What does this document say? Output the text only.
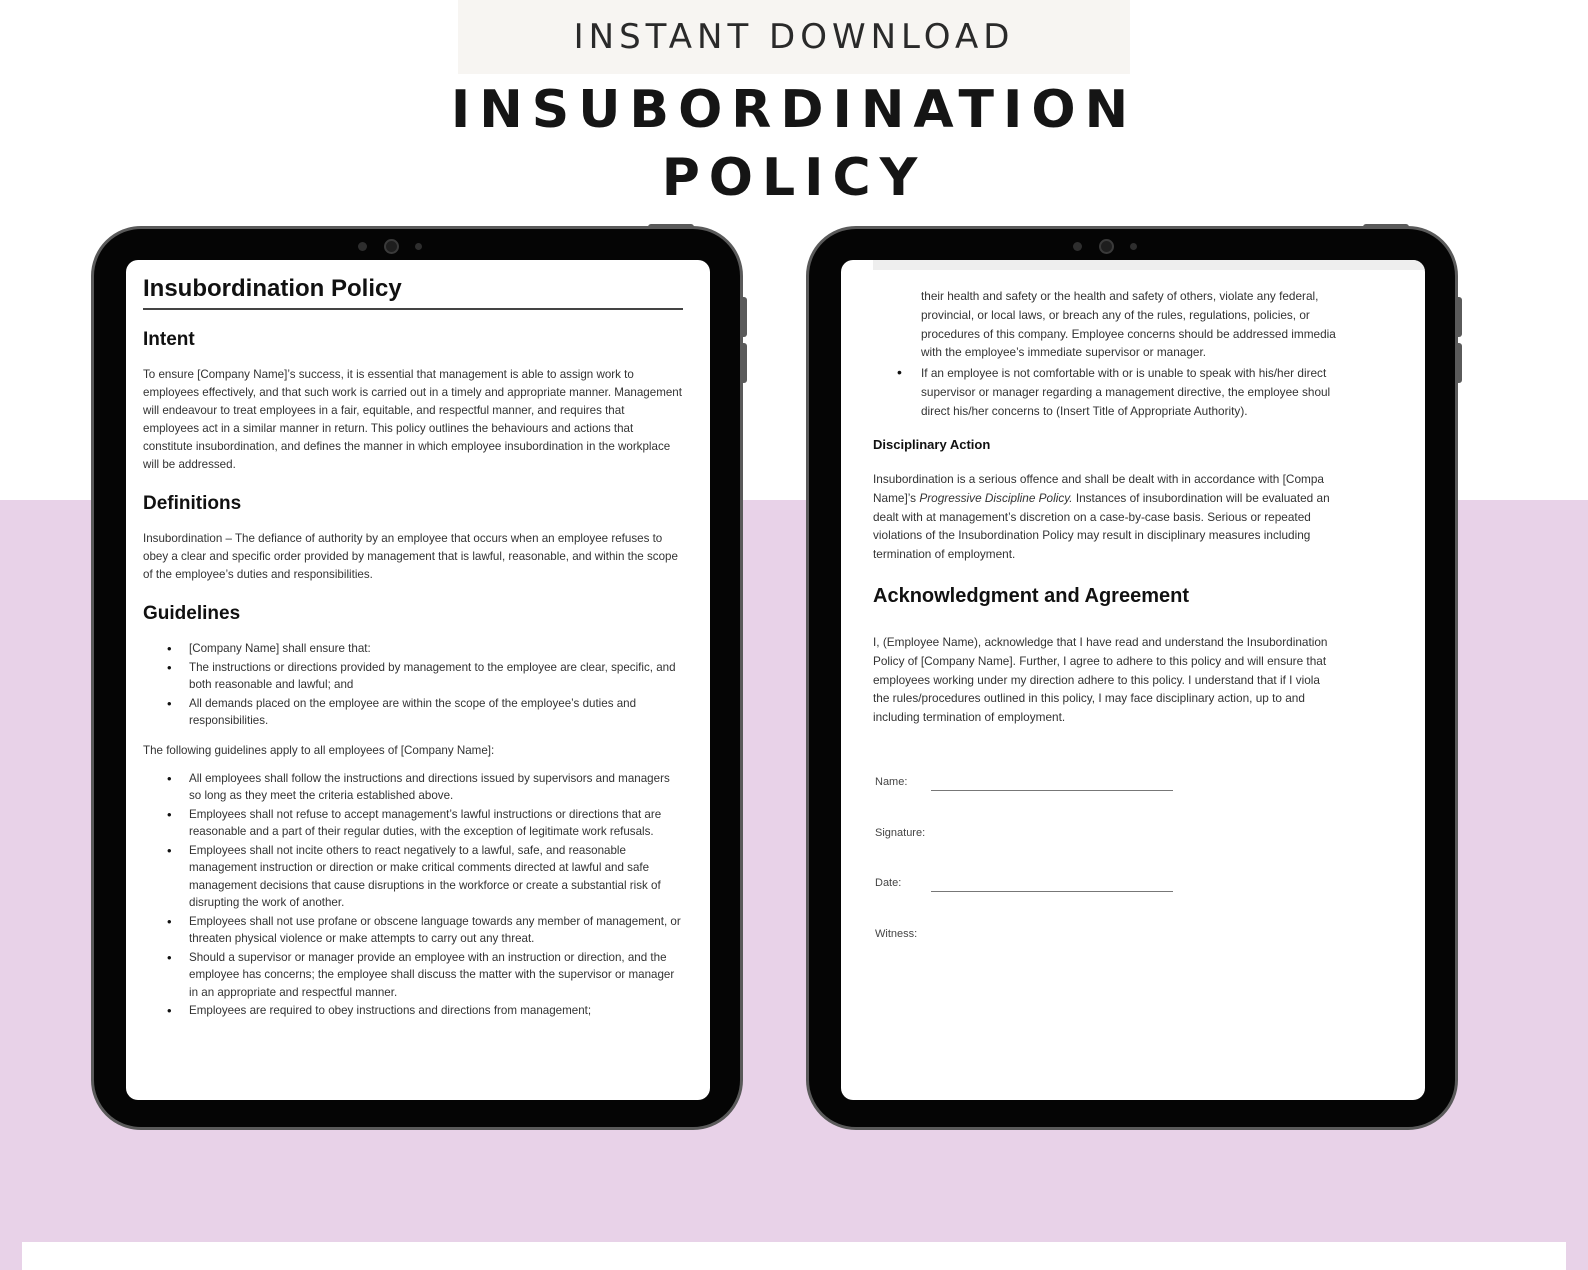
INSTANT DOWNLOAD
INSUBORDINATION
POLICY
Insubordination Policy
Intent

To ensure [Company Name]’s success, it is essential that management is able to assign work to employees effectively, and that such work is carried out in a timely and appropriate manner. Management will endeavour to treat employees in a fair, equitable, and respectful manner, and requires that employees act in a similar manner in return. This policy outlines the behaviours and actions that constitute insubordination, and defines the manner in which employee insubordination in the workplace will be addressed.

Definitions

Insubordination – The defiance of authority by an employee that occurs when an employee refuses to obey a clear and specific order provided by management that is lawful, reasonable, and within the scope of the employee’s duties and responsibilities.

Guidelines
• [Company Name] shall ensure that:
• The instructions or directions provided by management to the employee are clear, specific, and both reasonable and lawful; and
• All demands placed on the employee are within the scope of the employee’s duties and responsibilities.

The following guidelines apply to all employees of [Company Name]:

• All employees shall follow the instructions and directions issued by supervisors and managers so long as they meet the criteria established above.
• Employees shall not refuse to accept management’s lawful instructions or directions that are reasonable and a part of their regular duties, with the exception of legitimate work refusals.
• Employees shall not incite others to react negatively to a lawful, safe, and reasonable management instruction or direction or make critical comments directed at lawful and safe management decisions that cause disruptions in the workforce or create a substantial risk of disrupting the work of another.
• Employees shall not use profane or obscene language towards any member of management, or threaten physical violence or make attempts to carry out any threat.
• Should a supervisor or manager provide an employee with an instruction or direction, and the employee has concerns; the employee shall discuss the matter with the supervisor or manager in an appropriate and respectful manner.
• Employees are required to obey instructions and directions from management;

their health and safety or the health and safety of others, violate any federal,

provincial, or local laws, or breach any of the rules, regulations, policies, or

procedures of this company. Employee concerns should be addressed immedia

with the employee’s immediate supervisor or manager.

• If an employee is not comfortable with or is unable to speak with his/her direct

supervisor or manager regarding a management directive, the employee shoul

direct his/her concerns to (Insert Title of Appropriate Authority).

Disciplinary Action

Insubordination is a serious offence and shall be dealt with in accordance with [Compa

Name]’s Progressive Discipline Policy. Instances of insubordination will be evaluated an

dealt with at management’s discretion on a case-by-case basis. Serious or repeated

violations of the Insubordination Policy may result in disciplinary measures including

termination of employment.

Acknowledgment and Agreement

I, (Employee Name), acknowledge that I have read and understand the Insubordination

Policy of [Company Name]. Further, I agree to adhere to this policy and will ensure that

employees working under my direction adhere to this policy. I understand that if I viola

the rules/procedures outlined in this policy, I may face disciplinary action, up to and

including termination of employment.

Name:
Signature:
Date:
Witness:
